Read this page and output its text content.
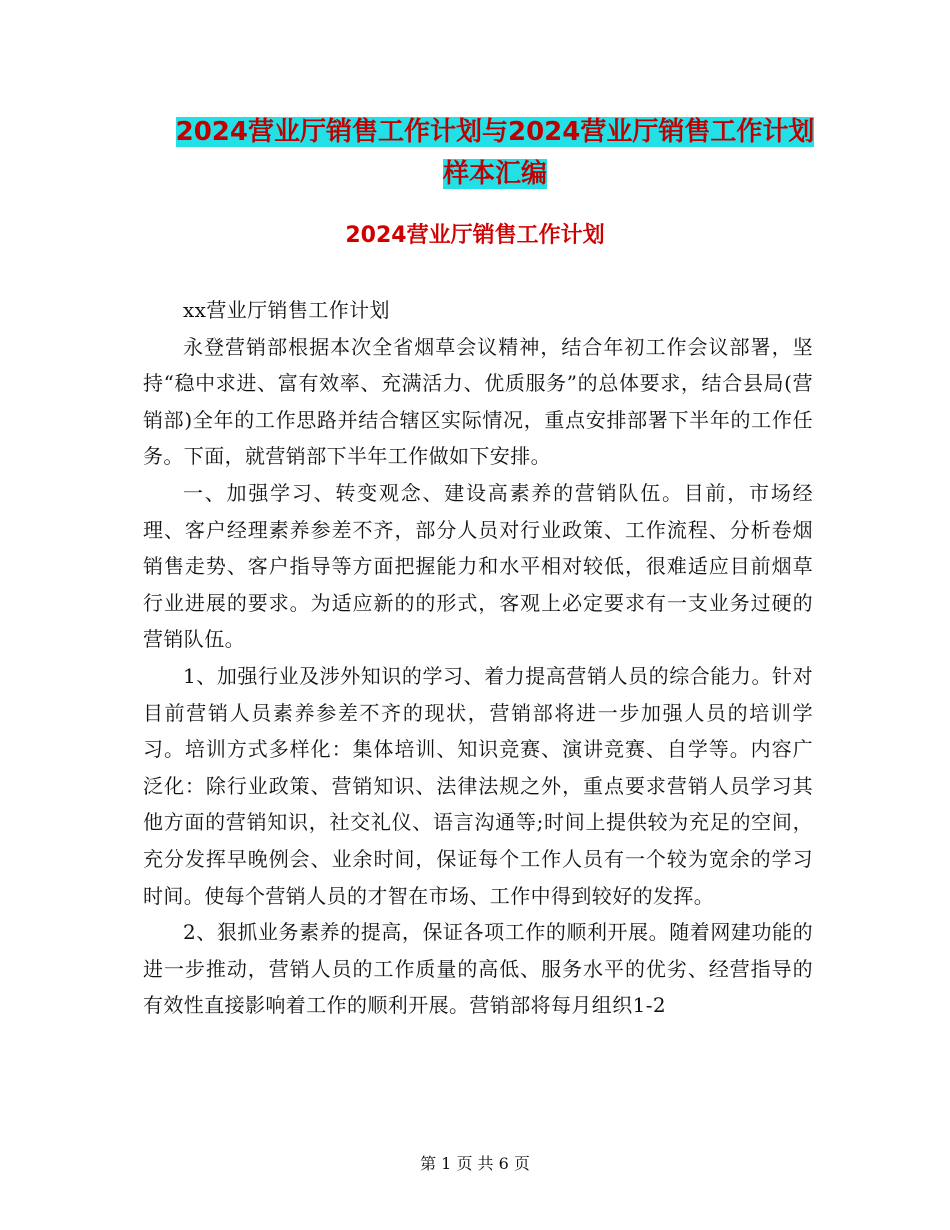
2024营业厅销售工作计划与2024营业厅销售工作计划
样本汇编
2024营业厅销售工作计划

xx营业厅销售工作计划

永登营销部根据本次全省烟草会议精神，结合年初工作会议部署，坚持“稳中求进、富有效率、充满活力、优质服务”的总体要求，结合县局(营销部)全年的工作思路并结合辖区实际情况，重点安排部署下半年的工作任务。下面，就营销部下半年工作做如下安排。

一、加强学习、转变观念、建设高素养的营销队伍。目前，市场经理、客户经理素养参差不齐，部分人员对行业政策、工作流程、分析卷烟销售走势、客户指导等方面把握能力和水平相对较低，很难适应目前烟草行业进展的要求。为适应新的的形式，客观上必定要求有一支业务过硬的营销队伍。

1、加强行业及涉外知识的学习、着力提高营销人员的综合能力。针对目前营销人员素养参差不齐的现状，营销部将进一步加强人员的培训学习。培训方式多样化：集体培训、知识竞赛、演讲竞赛、自学等。内容广泛化：除行业政策、营销知识、法律法规之外，重点要求营销人员学习其他方面的营销知识，社交礼仪、语言沟通等;时间上提供较为充足的空间，充分发挥早晚例会、业余时间，保证每个工作人员有一个较为宽余的学习时间。使每个营销人员的才智在市场、工作中得到较好的发挥。

2、狠抓业务素养的提高，保证各项工作的顺利开展。随着网建功能的进一步推动，营销人员的工作质量的高低、服务水平的优劣、经营指导的有效性直接影响着工作的顺利开展。营销部将每月组织1-2

第 1 页 共 6 页
